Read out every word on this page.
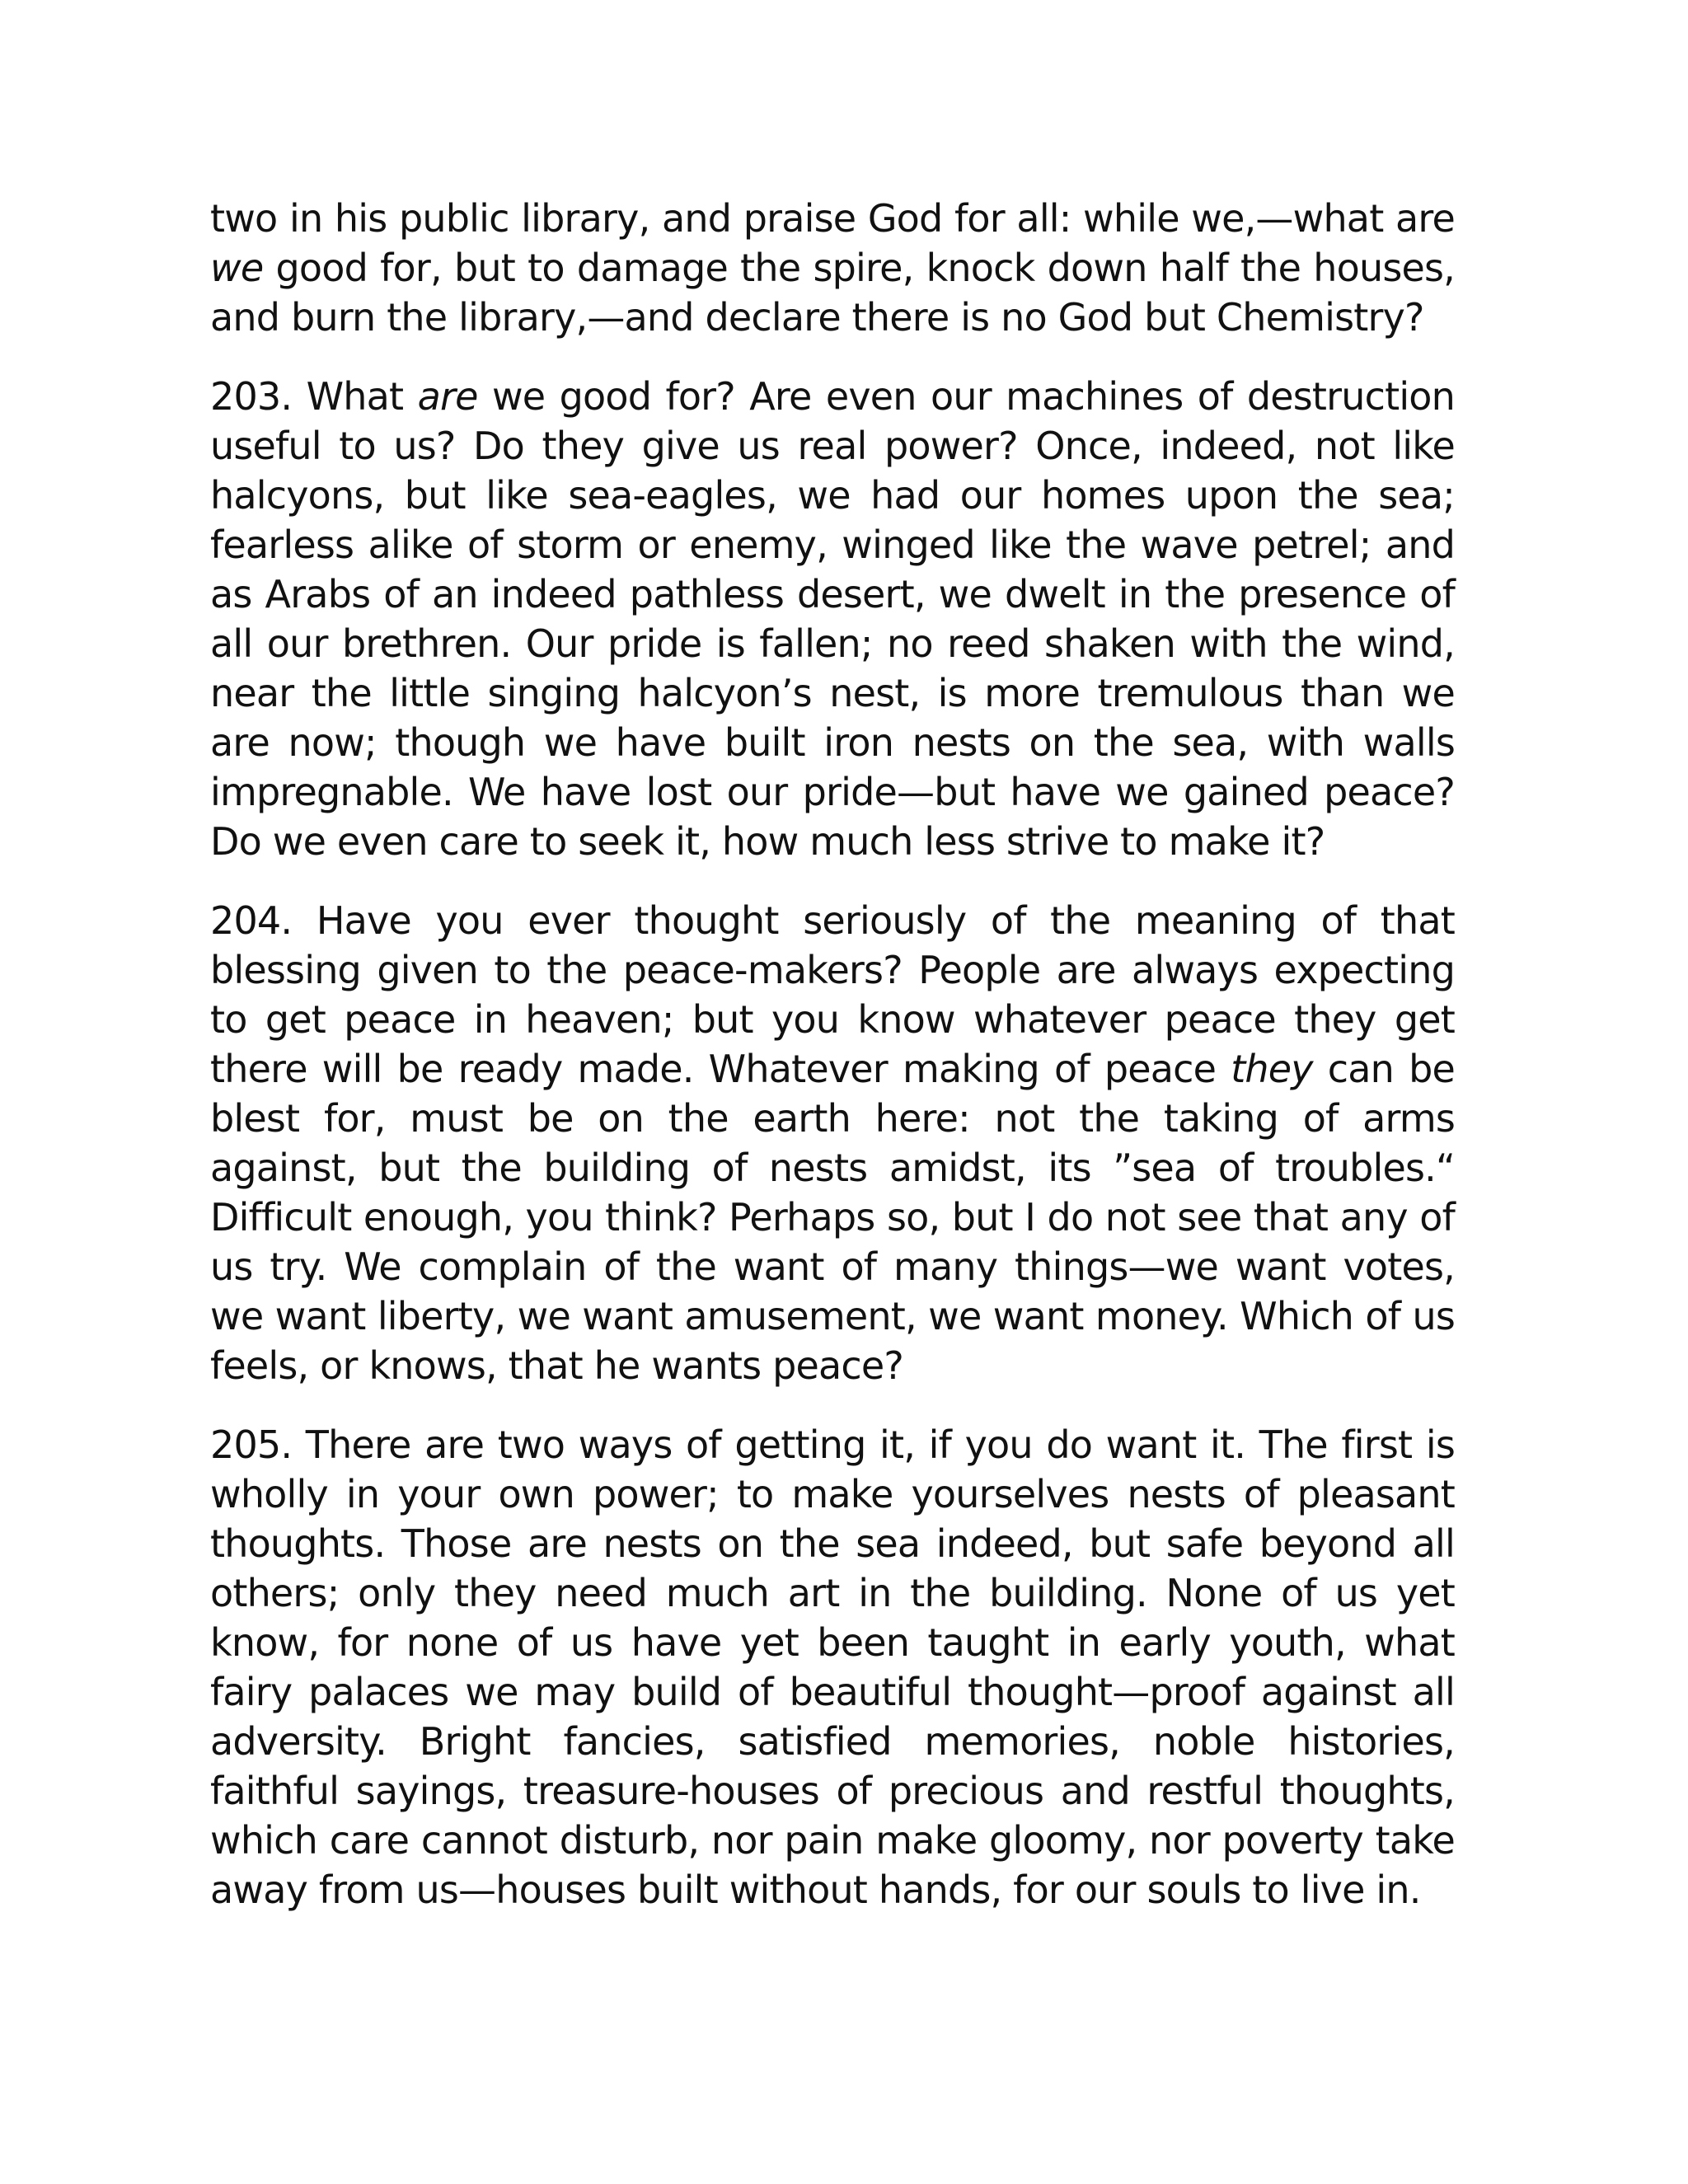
two in his public library, and praise God for all: while we,—what are we good for, but to damage the spire, knock down half the houses, and burn the library,—and declare there is no God but Chemistry?

203. What are we good for? Are even our machines of destruction useful to us? Do they give us real power? Once, indeed, not like halcyons, but like sea-eagles, we had our homes upon the sea; fearless alike of storm or enemy, winged like the wave petrel; and as Arabs of an indeed pathless desert, we dwelt in the presence of all our brethren. Our pride is fallen; no reed shaken with the wind, near the little singing halcyon’s nest, is more tremulous than we are now; though we have built iron nests on the sea, with walls impregnable. We have lost our pride—but have we gained peace? Do we even care to seek it, how much less strive to make it?

204. Have you ever thought seriously of the meaning of that blessing given to the peace-makers? People are always expecting to get peace in heaven; but you know whatever peace they get there will be ready made. Whatever making of peace they can be blest for, must be on the earth here: not the taking of arms against, but the building of nests amidst, its ”sea of troubles.“ Difficult enough, you think? Perhaps so, but I do not see that any of us try. We complain of the want of many things—we want votes, we want liberty, we want amusement, we want money. Which of us feels, or knows, that he wants peace?

205. There are two ways of getting it, if you do want it. The first is wholly in your own power; to make yourselves nests of pleasant thoughts. Those are nests on the sea indeed, but safe beyond all others; only they need much art in the building. None of us yet know, for none of us have yet been taught in early youth, what fairy palaces we may build of beautiful thought—proof against all adversity. Bright fancies, satisfied memories, noble histories, faithful sayings, treasure-houses of precious and restful thoughts, which care cannot disturb, nor pain make gloomy, nor poverty take away from us—houses built without hands, for our souls to live in.
